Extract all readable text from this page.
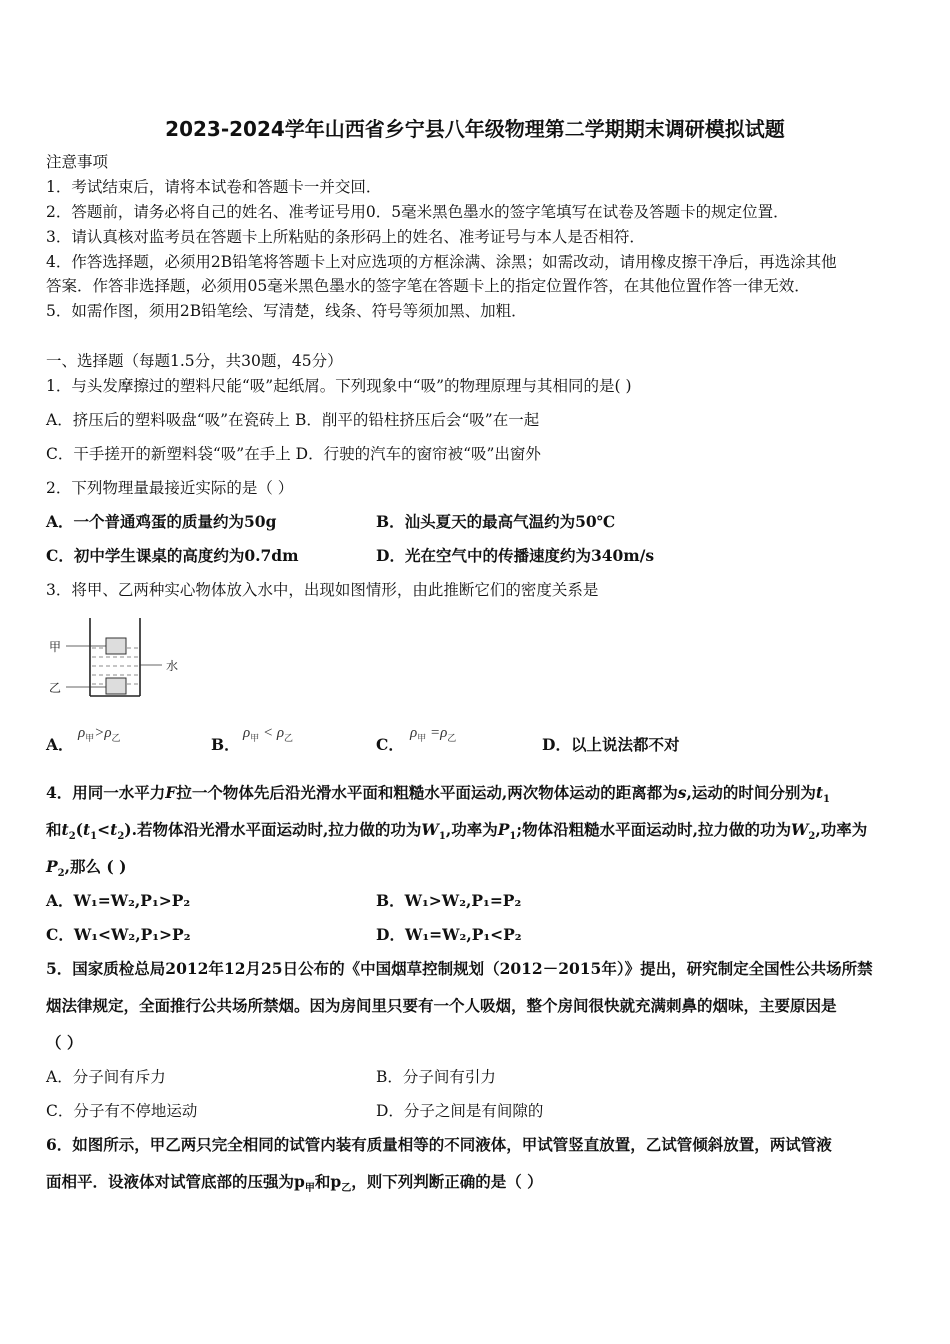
2023-2024学年山西省乡宁县八年级物理第二学期期末调研模拟试题
注意事项
1．考试结束后，请将本试卷和答题卡一并交回．
2．答题前，请务必将自己的姓名、准考证号用0．5毫米黑色墨水的签字笔填写在试卷及答题卡的规定位置．
3．请认真核对监考员在答题卡上所粘贴的条形码上的姓名、准考证号与本人是否相符．
4．作答选择题，必须用2B铅笔将答题卡上对应选项的方框涂满、涂黑；如需改动，请用橡皮擦干净后，再选涂其他
答案．作答非选择题，必须用05毫米黑色墨水的签字笔在答题卡上的指定位置作答，在其他位置作答一律无效．
5．如需作图，须用2B铅笔绘、写清楚，线条、符号等须加黑、加粗．
一、选择题（每题1.5分，共30题，45分）
1．与头发摩擦过的塑料尺能“吸”起纸屑。下列现象中“吸”的物理原理与其相同的是( )
A．挤压后的塑料吸盘“吸”在瓷砖上 B．削平的铅柱挤压后会“吸”在一起
C．干手搓开的新塑料袋“吸”在手上 D．行驶的汽车的窗帘被“吸”出窗外
2．下列物理量最接近实际的是（ ）
A．一个普通鸡蛋的质量约为50g	B．汕头夏天的最高气温约为50℃
C．初中学生课桌的高度约为0.7dm	D．光在空气中的传播速度约为340m/s
3．将甲、乙两种实心物体放入水中，出现如图情形，由此推断它们的密度关系是
甲
乙
水
A．
$\rho_甲>\rho_乙$	B．
$\rho_甲 < \rho_乙$	C．
$\rho_甲 =\rho_乙$	D．以上说法都不对
4．用同一水平力F拉一个物体先后沿光滑水平面和粗糙水平面运动,两次物体运动的距离都为s,运动的时间分别为$t_1$
和$t_2(t_1<t_2)$.若物体沿光滑水平面运动时,拉力做的功为$W_1$,功率为$P_1$;物体沿粗糙水平面运动时,拉力做的功为$W_2$,功率为
$P_2$,那么 ( )
A．W₁=W₂,P₁>P₂	B．W₁>W₂,P₁=P₂
C．W₁<W₂,P₁>P₂	D．W₁=W₂,P₁<P₂
5．国家质检总局2012年12月25日公布的《中国烟草控制规划（2012－2015年）》提出，研究制定全国性公共场所禁
烟法律规定，全面推行公共场所禁烟。因为房间里只要有一个人吸烟，整个房间很快就充满刺鼻的烟味，主要原因是
（ ）
A．分子间有斥力	B．分子间有引力
C．分子有不停地运动	D．分子之间是有间隙的
6．如图所示，甲乙两只完全相同的试管内装有质量相等的不同液体，甲试管竖直放置，乙试管倾斜放置，两试管液
面相平．设液体对试管底部的压强为$p_甲$和$p_乙$，则下列判断正确的是（ ）
